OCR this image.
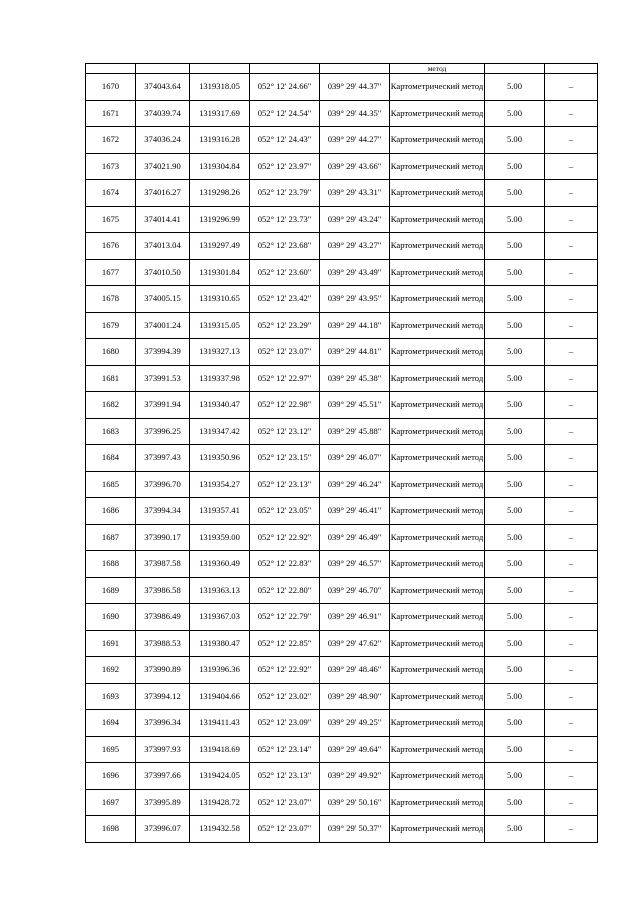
					метод		
1670	374043.64	1319318.05	052° 12' 24.66"	039° 29' 44.37"	Картометрический метод	5.00	–
1671	374039.74	1319317.69	052° 12' 24.54"	039° 29' 44.35"	Картометрический метод	5.00	–
1672	374036.24	1319316.28	052° 12' 24.43"	039° 29' 44.27"	Картометрический метод	5.00	–
1673	374021.90	1319304.84	052° 12' 23.97"	039° 29' 43.66"	Картометрический метод	5.00	–
1674	374016.27	1319298.26	052° 12' 23.79"	039° 29' 43.31"	Картометрический метод	5.00	–
1675	374014.41	1319296.99	052° 12' 23.73"	039° 29' 43.24"	Картометрический метод	5.00	–
1676	374013.04	1319297.49	052° 12' 23.68"	039° 29' 43.27"	Картометрический метод	5.00	–
1677	374010.50	1319301.84	052° 12' 23.60"	039° 29' 43.49"	Картометрический метод	5.00	–
1678	374005.15	1319310.65	052° 12' 23.42"	039° 29' 43.95"	Картометрический метод	5.00	–
1679	374001.24	1319315.05	052° 12' 23.29"	039° 29' 44.18"	Картометрический метод	5.00	–
1680	373994.39	1319327.13	052° 12' 23.07"	039° 29' 44.81"	Картометрический метод	5.00	–
1681	373991.53	1319337.98	052° 12' 22.97"	039° 29' 45.38"	Картометрический метод	5.00	–
1682	373991.94	1319340.47	052° 12' 22.98"	039° 29' 45.51"	Картометрический метод	5.00	–
1683	373996.25	1319347.42	052° 12' 23.12"	039° 29' 45.88"	Картометрический метод	5.00	–
1684	373997.43	1319350.96	052° 12' 23.15"	039° 29' 46.07"	Картометрический метод	5.00	–
1685	373996.70	1319354.27	052° 12' 23.13"	039° 29' 46.24"	Картометрический метод	5.00	–
1686	373994.34	1319357.41	052° 12' 23.05"	039° 29' 46.41"	Картометрический метод	5.00	–
1687	373990.17	1319359.00	052° 12' 22.92"	039° 29' 46.49"	Картометрический метод	5.00	–
1688	373987.58	1319360.49	052° 12' 22.83"	039° 29' 46.57"	Картометрический метод	5.00	–
1689	373986.58	1319363.13	052° 12' 22.80"	039° 29' 46.70"	Картометрический метод	5.00	–
1690	373986.49	1319367.03	052° 12' 22.79"	039° 29' 46.91"	Картометрический метод	5.00	–
1691	373988.53	1319380.47	052° 12' 22.85"	039° 29' 47.62"	Картометрический метод	5.00	–
1692	373990.89	1319396.36	052° 12' 22.92"	039° 29' 48.46"	Картометрический метод	5.00	–
1693	373994.12	1319404.66	052° 12' 23.02"	039° 29' 48.90"	Картометрический метод	5.00	–
1694	373996.34	1319411.43	052° 12' 23.09"	039° 29' 49.25"	Картометрический метод	5.00	–
1695	373997.93	1319418.69	052° 12' 23.14"	039° 29' 49.64"	Картометрический метод	5.00	–
1696	373997.66	1319424.05	052° 12' 23.13"	039° 29' 49.92"	Картометрический метод	5.00	–
1697	373995.89	1319428.72	052° 12' 23.07"	039° 29' 50.16"	Картометрический метод	5.00	–
1698	373996.07	1319432.58	052° 12' 23.07"	039° 29' 50.37"	Картометрический метод	5.00	–
